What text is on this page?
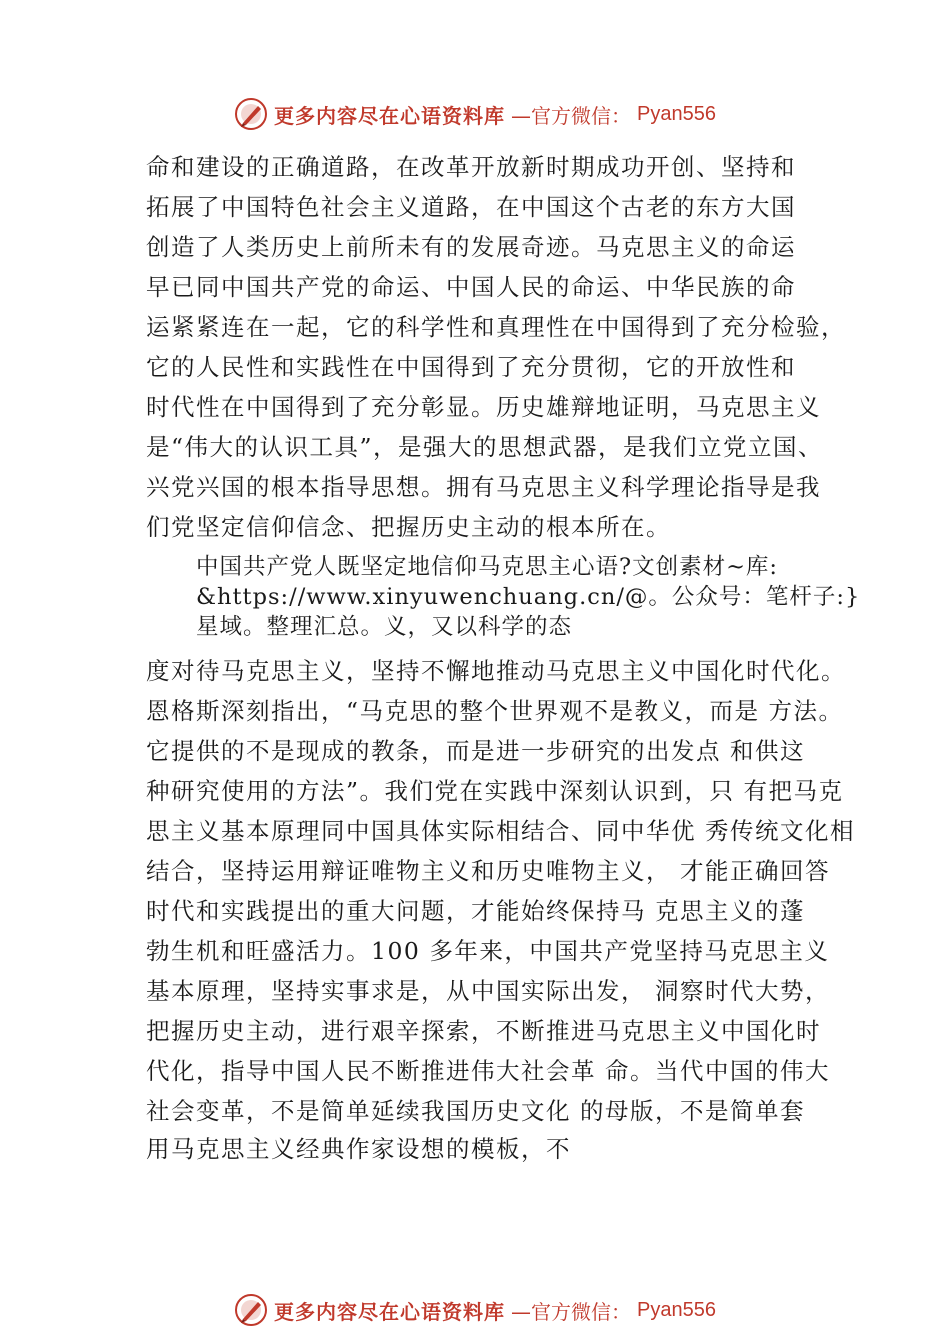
更多内容尽在心语资料库 —官方微信： Pyan556
命和建设的正确道路，在改革开放新时期成功开创、坚持和
拓展了中国特色社会主义道路，在中国这个古老的东方大国
创造了人类历史上前所未有的发展奇迹。马克思主义的命运
早已同中国共产党的命运、中国人民的命运、中华民族的命
运紧紧连在一起，它的科学性和真理性在中国得到了充分检验，
它的人民性和实践性在中国得到了充分贯彻，它的开放性和
时代性在中国得到了充分彰显。历史雄辩地证明，马克思主义
是“伟大的认识工具”，是强大的思想武器，是我们立党立国、
兴党兴国的根本指导思想。拥有马克思主义科学理论指导是我
们党坚定信仰信念、把握历史主动的根本所在。
中国共产党人既坚定地信仰马克思主心语?文创素材~库:
&https://www.xinyuwenchuang.cn/@。公众号：笔杆子:}
星域。整理汇总。义，又以科学的态
度对待马克思主义，坚持不懈地推动马克思主义中国化时代化。
恩格斯深刻指出，“马克思的整个世界观不是教义，而是 方法。
它提供的不是现成的教条，而是进一步研究的出发点 和供这
种研究使用的方法”。我们党在实践中深刻认识到，只 有把马克
思主义基本原理同中国具体实际相结合、同中华优 秀传统文化相
结合，坚持运用辩证唯物主义和历史唯物主义， 才能正确回答
时代和实践提出的重大问题，才能始终保持马 克思主义的蓬
勃生机和旺盛活力。100 多年来，中国共产党坚持马克思主义
基本原理，坚持实事求是，从中国实际出发， 洞察时代大势，
把握历史主动，进行艰辛探索，不断推进马克思主义中国化时
代化，指导中国人民不断推进伟大社会革 命。当代中国的伟大
社会变革，不是简单延续我国历史文化 的母版，不是简单套
用马克思主义经典作家设想的模板，不
更多内容尽在心语资料库 —官方微信： Pyan556
